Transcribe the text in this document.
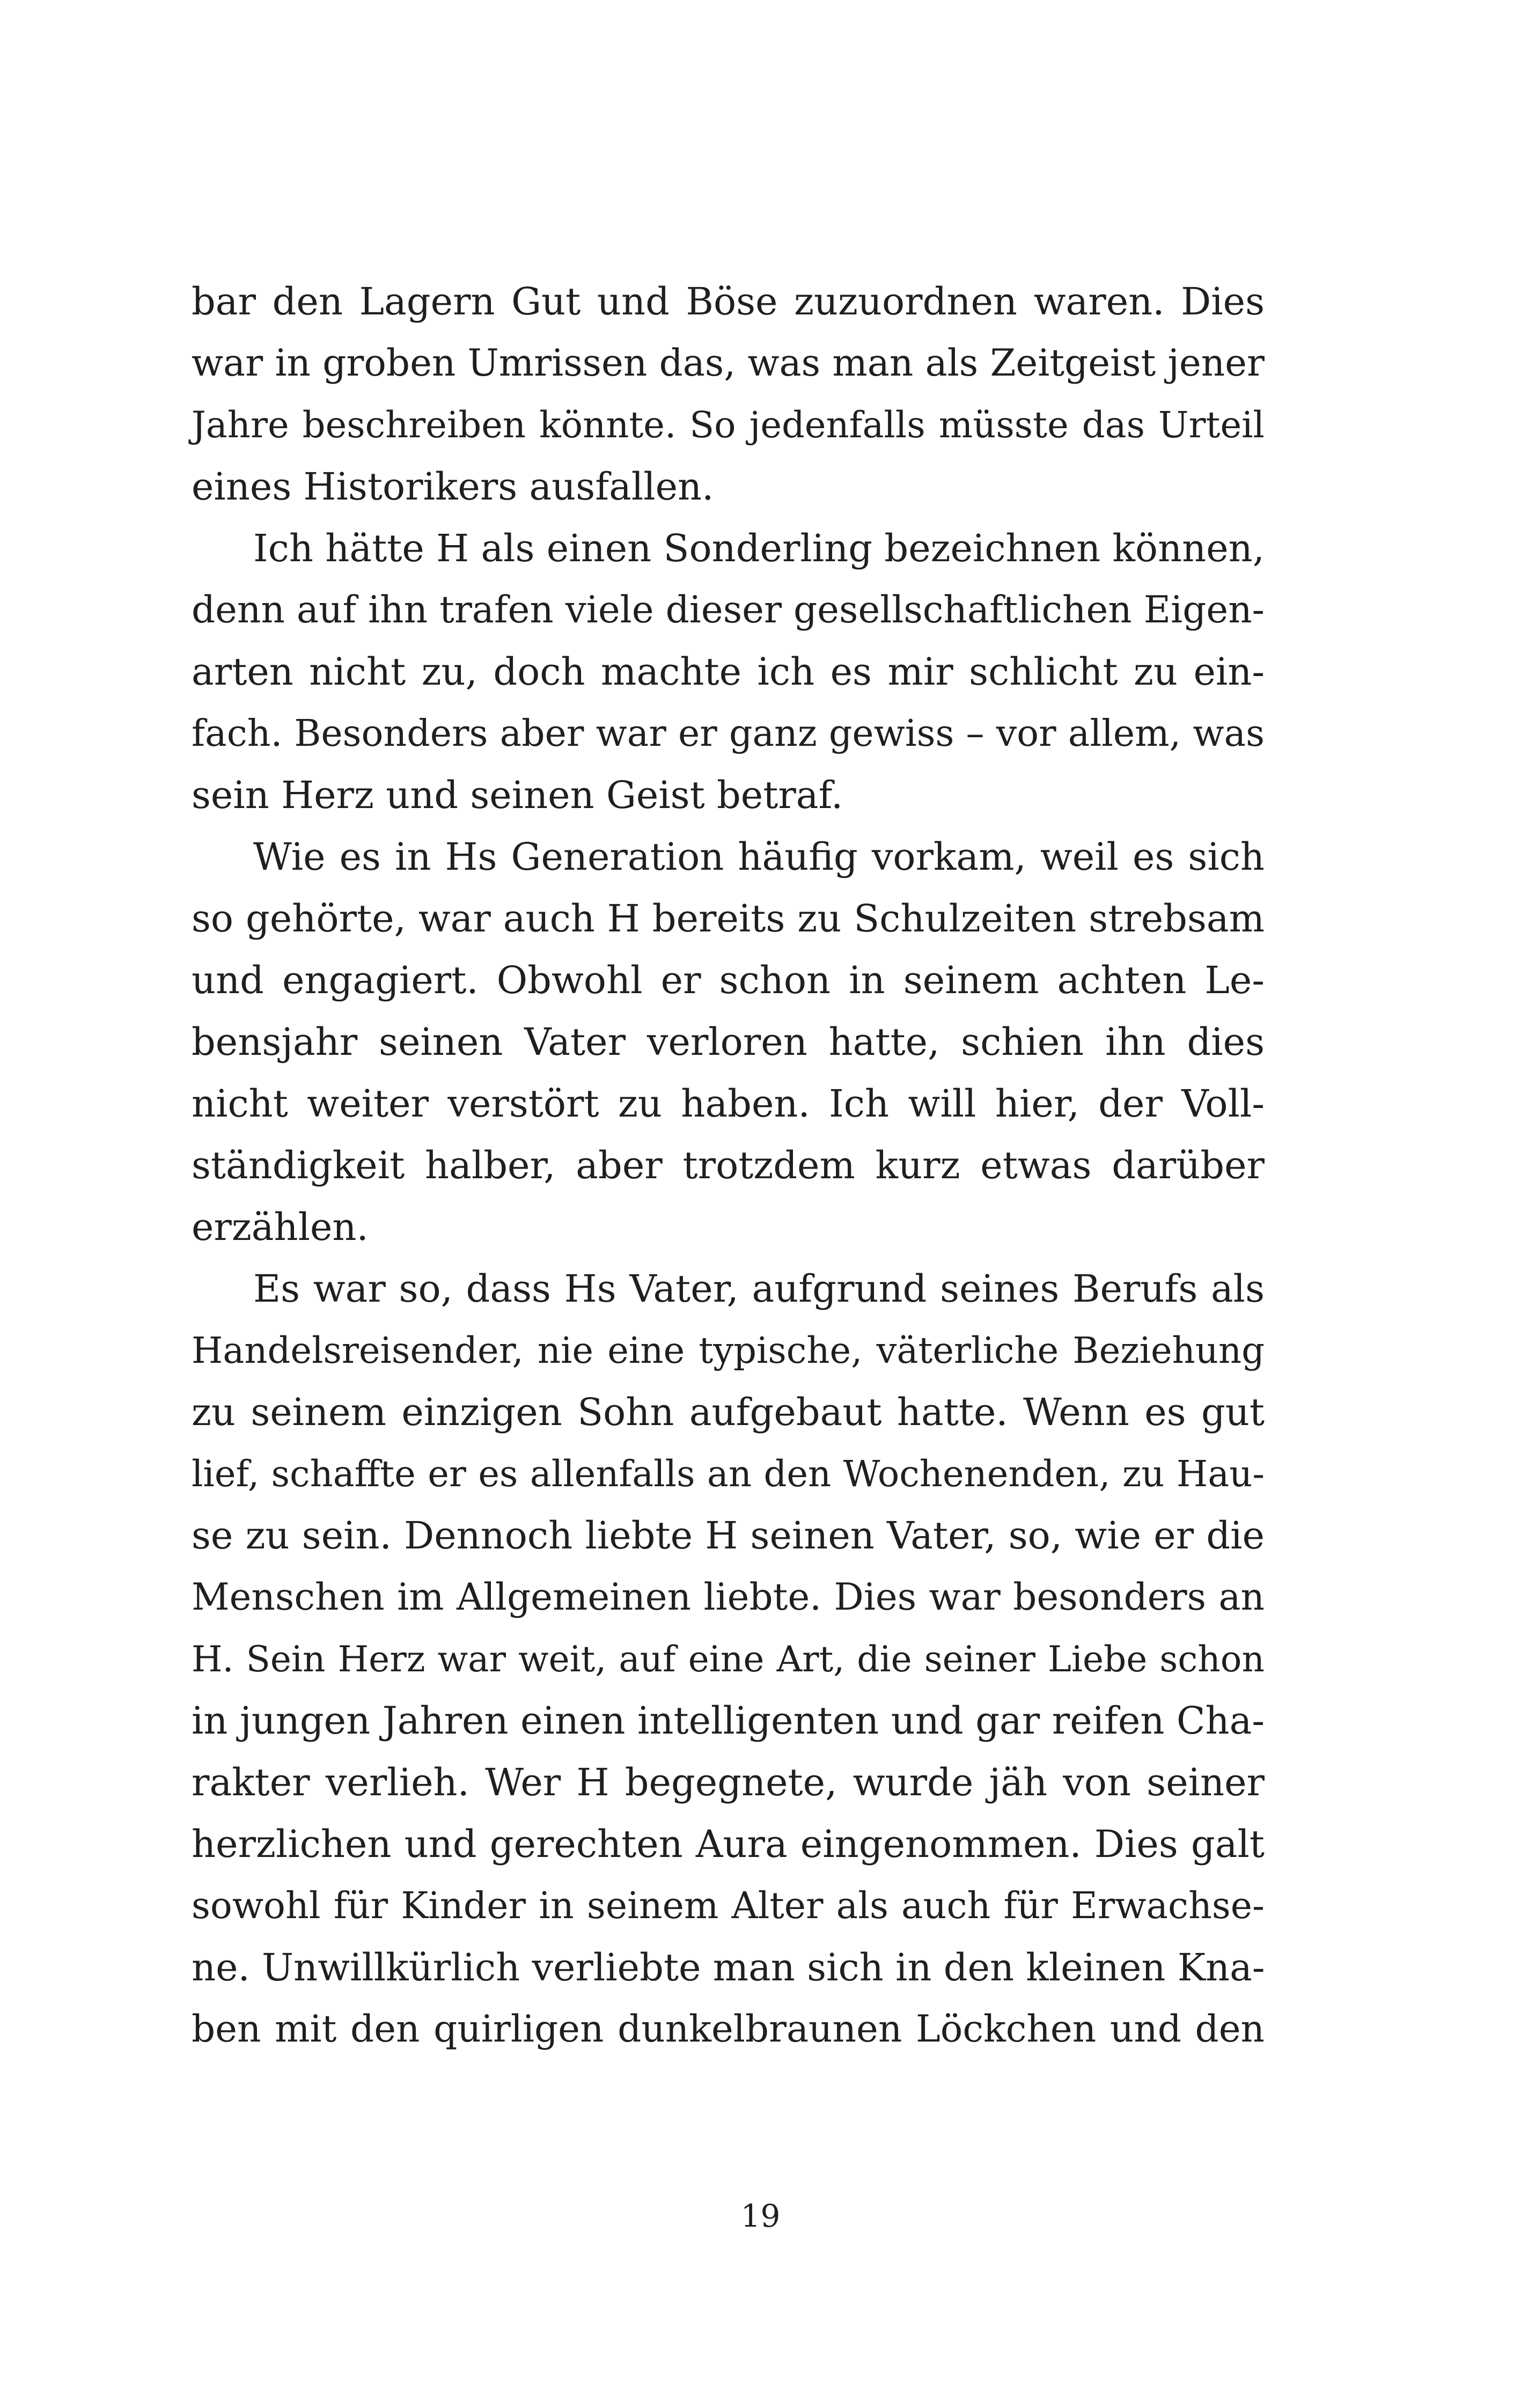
bar den Lagern Gut und Böse zuzuordnen waren. Dies
war in groben Umrissen das, was man als Zeitgeist jener
Jahre beschreiben könnte. So jedenfalls müsste das Urteil
eines Historikers ausfallen.
Ich hätte H als einen Sonderling bezeichnen können,
denn auf ihn trafen viele dieser gesellschaftlichen Eigen-
arten nicht zu, doch machte ich es mir schlicht zu ein-
fach. Besonders aber war er ganz gewiss – vor allem, was
sein Herz und seinen Geist betraf.
Wie es in Hs Generation häufig vorkam, weil es sich
so gehörte, war auch H bereits zu Schulzeiten strebsam
und engagiert. Obwohl er schon in seinem achten Le-
bensjahr seinen Vater verloren hatte, schien ihn dies
nicht weiter verstört zu haben. Ich will hier, der Voll-
ständigkeit halber, aber trotzdem kurz etwas darüber
erzählen.
Es war so, dass Hs Vater, aufgrund seines Berufs als
Handelsreisender, nie eine typische, väterliche Beziehung
zu seinem einzigen Sohn aufgebaut hatte. Wenn es gut
lief, schaffte er es allenfalls an den Wochenenden, zu Hau-
se zu sein. Dennoch liebte H seinen Vater, so, wie er die
Menschen im Allgemeinen liebte. Dies war besonders an
H. Sein Herz war weit, auf eine Art, die seiner Liebe schon
in jungen Jahren einen intelligenten und gar reifen Cha-
rakter verlieh. Wer H begegnete, wurde jäh von seiner
herzlichen und gerechten Aura eingenommen. Dies galt
sowohl für Kinder in seinem Alter als auch für Erwachse-
ne. Unwillkürlich verliebte man sich in den kleinen Kna-
ben mit den quirligen dunkelbraunen Löckchen und den
19
